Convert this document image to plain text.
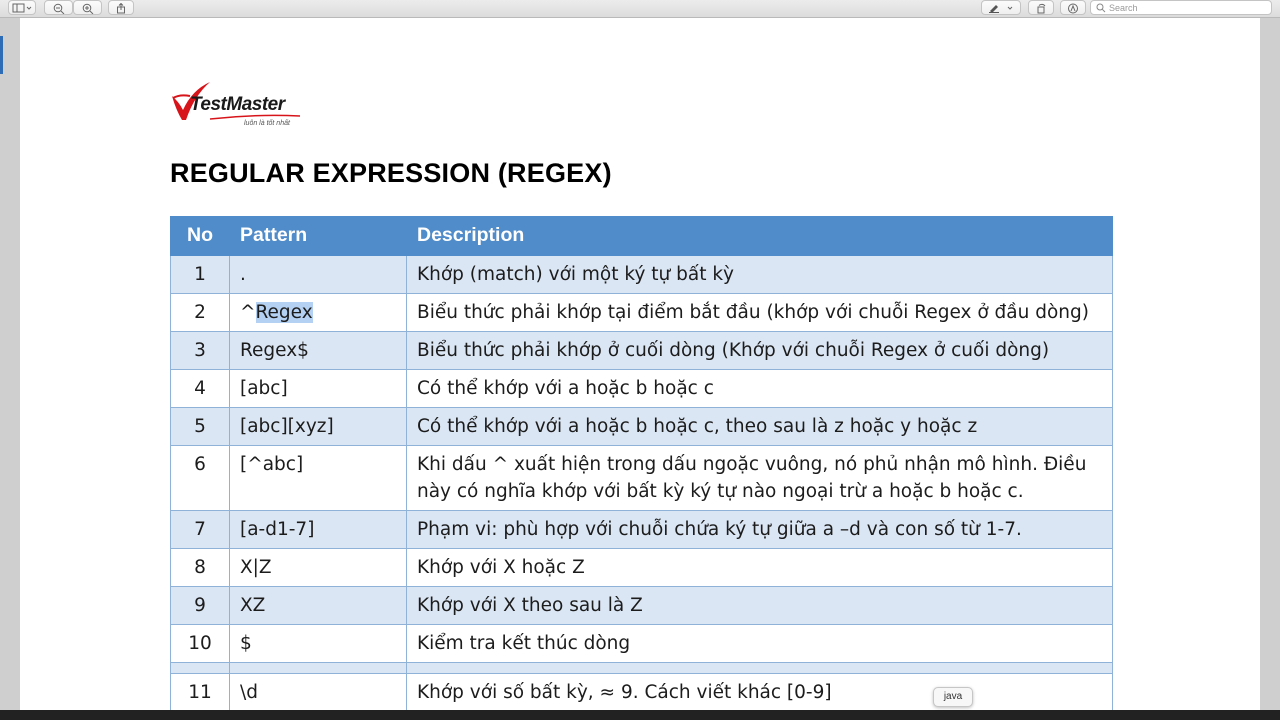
Search
TestMaster
luôn là tốt nhất
REGULAR EXPRESSION (REGEX)
No	Pattern	Description
1	.	Khớp (match) với một ký tự bất kỳ
2	^Regex	Biểu thức phải khớp tại điểm bắt đầu (khớp với chuỗi Regex ở đầu dòng)
3	Regex$	Biểu thức phải khớp ở cuối dòng (Khớp với chuỗi Regex ở cuối dòng)
4	[abc]	Có thể khớp với a hoặc b hoặc c
5	[abc][xyz]	Có thể khớp với a hoặc b hoặc c, theo sau là z hoặc y hoặc z
6	[^abc]	Khi dấu ^ xuất hiện trong dấu ngoặc vuông, nó phủ nhận mô hình. Điều này có nghĩa khớp với bất kỳ ký tự nào ngoại trừ a hoặc b hoặc c.
7	[a-d1-7]	Phạm vi: phù hợp với chuỗi chứa ký tự giữa a –d và con số từ 1-7.
8	X|Z	Khớp với X hoặc Z
9	XZ	Khớp với X theo sau là Z
10	$	Kiểm tra kết thúc dòng

11	\d	Khớp với số bất kỳ, ≈ 9. Cách viết khác [0-9]	java
